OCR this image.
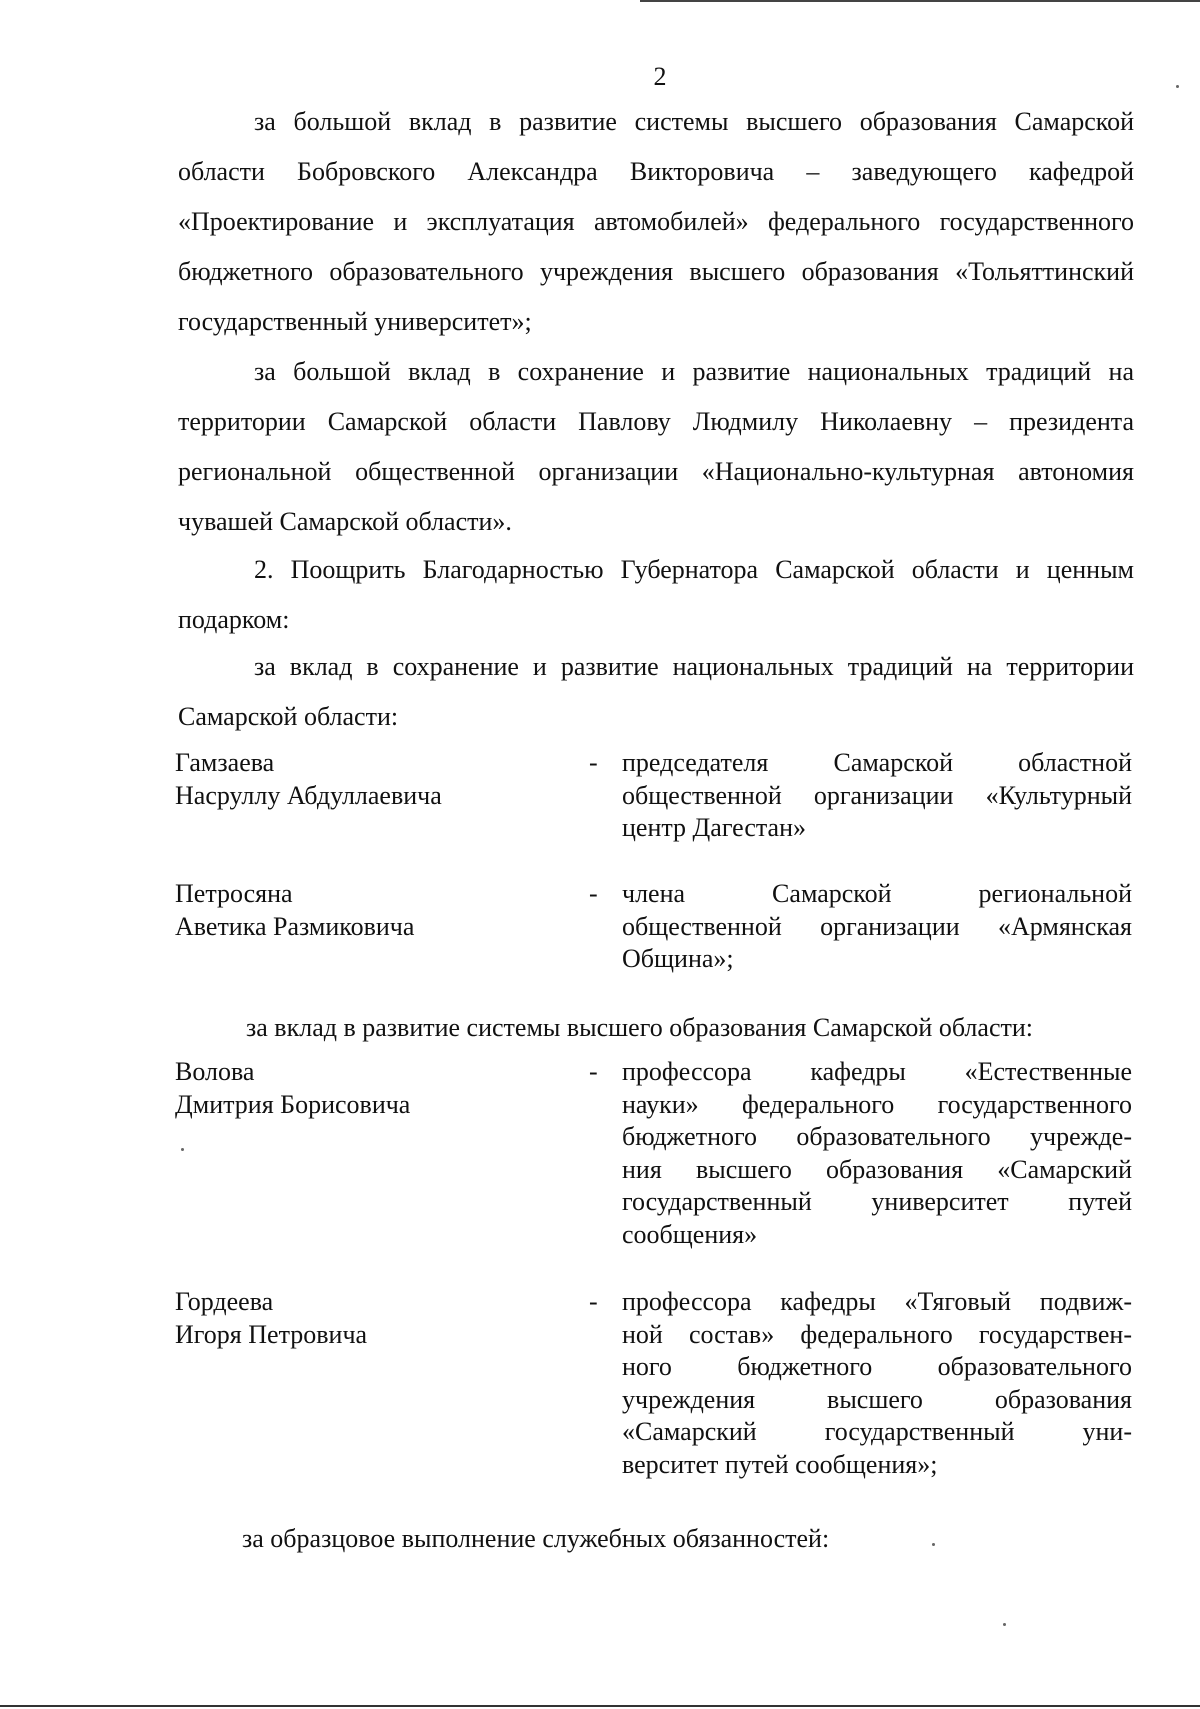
2
за большой вклад в развитие системы высшего образования Самарской области Бобровского Александра Викторовича – заведующего кафедрой «Проектирование и эксплуатация автомобилей» федерального государственного бюджетного образовательного учреждения высшего образования «Тольяттинский государственный университет»;
за большой вклад в сохранение и развитие национальных традиций на территории Самарской области Павлову Людмилу Николаевну – президента региональной общественной организации «Национально-культурная автономия чувашей Самарской области».
2. Поощрить Благодарностью Губернатора Самарской области и ценным подарком:
за вклад в сохранение и развитие национальных традиций на территории Самарской области:
Гамзаева
Насруллу Абдуллаевича
- председателя Самарской областной
общественной организации «Культурный
центр Дагестан»
Петросяна
Аветика Размиковича
- члена Самарской региональной
общественной организации «Армянская
Община»;
за вклад в развитие системы высшего образования Самарской области:
Волова
Дмитрия Борисовича
- профессора кафедры «Естественные
науки» федерального государственного
бюджетного образовательного учрежде-
ния высшего образования «Самарский
государственный университет путей
сообщения»
Гордеева
Игоря Петровича
- профессора кафедры «Тяговый подвиж-
ной состав» федерального государствен-
ного бюджетного образовательного
учреждения высшего образования
«Самарский государственный уни-
верситет путей сообщения»;
за образцовое выполнение служебных обязанностей:
